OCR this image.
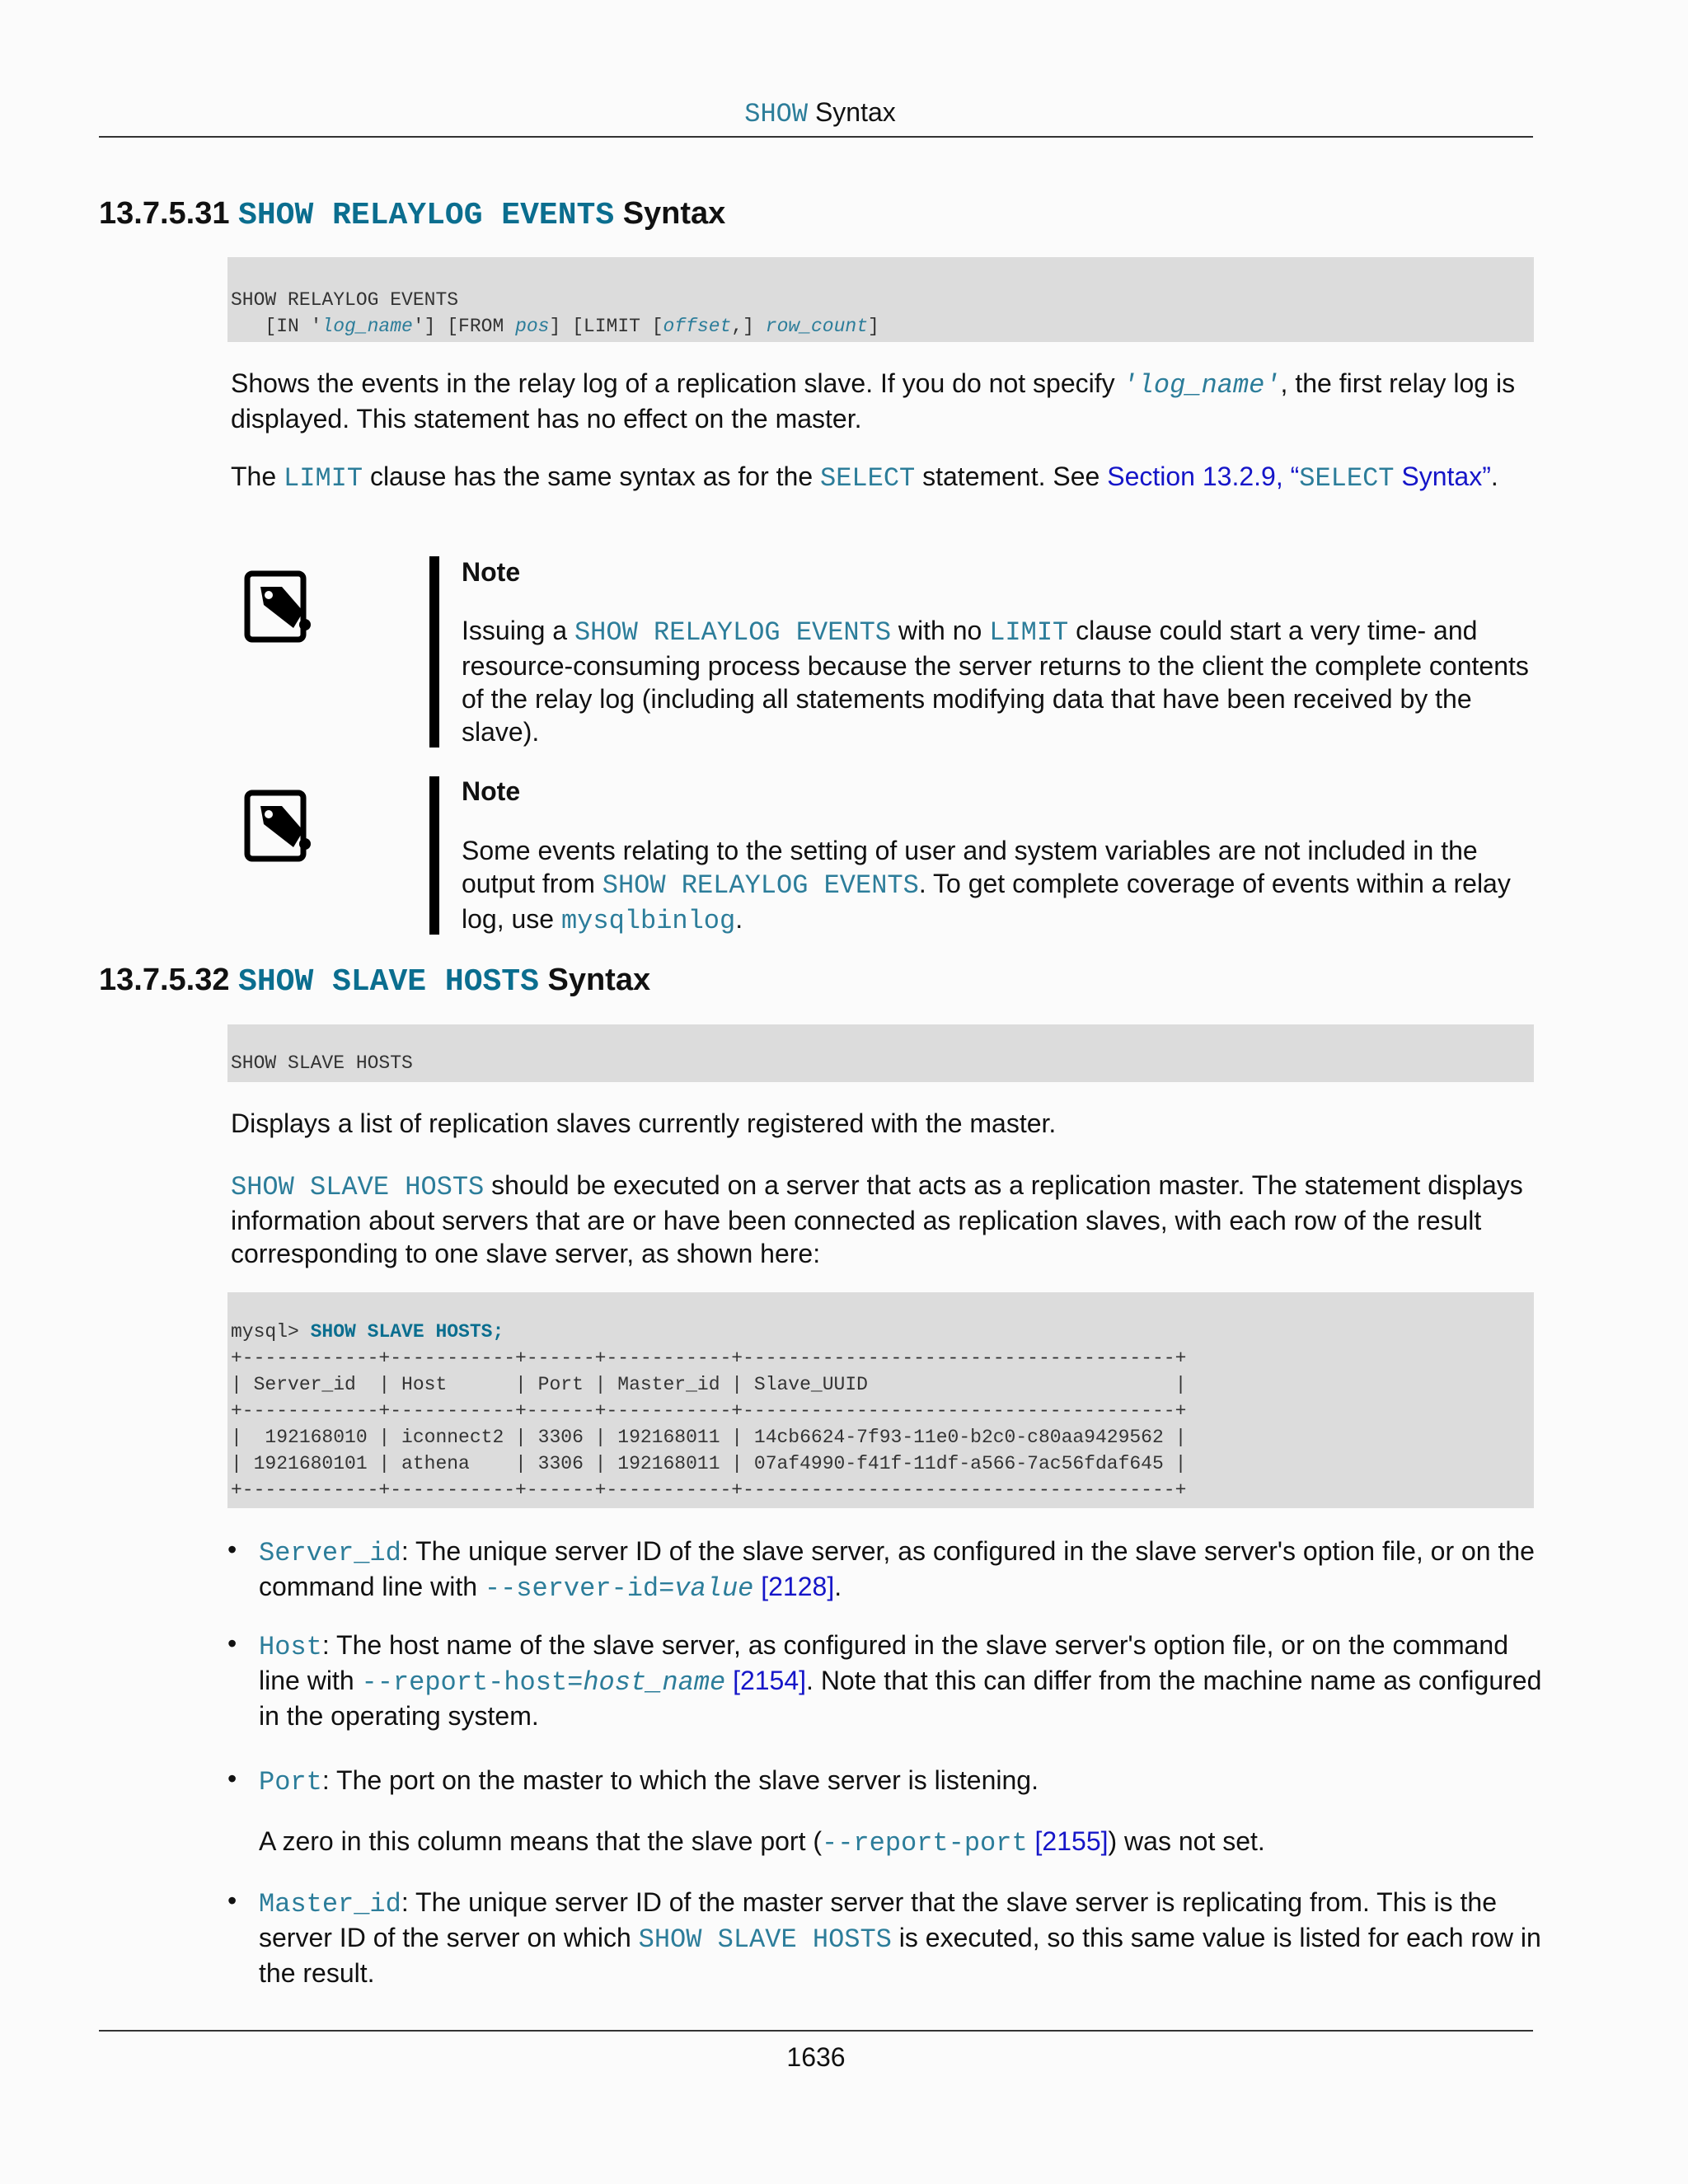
SHOW Syntax
13.7.5.31 SHOW RELAYLOG EVENTS Syntax
SHOW RELAYLOG EVENTS
[IN 'log_name'] [FROM pos] [LIMIT [offset,] row_count]

Shows the events in the relay log of a replication slave. If you do not specify 'log_name', the first relay log is displayed. This statement has no effect on the master.

The LIMIT clause has the same syntax as for the SELECT statement. See Section 13.2.9, “SELECT Syntax”.

Note

Issuing a SHOW RELAYLOG EVENTS with no LIMIT clause could start a very time- and resource-consuming process because the server returns to the client the complete contents of the relay log (including all statements modifying data that have been received by the slave).

Note

Some events relating to the setting of user and system variables are not included in the output from SHOW RELAYLOG EVENTS. To get complete coverage of events within a relay log, use mysqlbinlog.

13.7.5.32 SHOW SLAVE HOSTS Syntax
SHOW SLAVE HOSTS

Displays a list of replication slaves currently registered with the master.

SHOW SLAVE HOSTS should be executed on a server that acts as a replication master. The statement displays information about servers that are or have been connected as replication slaves, with each row of the result corresponding to one slave server, as shown here:

mysql> SHOW SLAVE HOSTS;
+------------+-----------+------+-----------+--------------------------------------+
| Server_id  | Host      | Port | Master_id | Slave_UUID                           |
+------------+-----------+------+-----------+--------------------------------------+
|  192168010 | iconnect2 | 3306 | 192168011 | 14cb6624-7f93-11e0-b2c0-c80aa9429562 |
| 1921680101 | athena    | 3306 | 192168011 | 07af4990-f41f-11df-a566-7ac56fdaf645 |
+------------+-----------+------+-----------+--------------------------------------+
• Server_id: The unique server ID of the slave server, as configured in the slave server's option file, or on the command line with --server-id=value [2128].

• Host: The host name of the slave server, as configured in the slave server's option file, or on the command line with --report-host=host_name [2154]. Note that this can differ from the machine name as configured in the operating system.

• Port: The port on the master to which the slave server is listening.

A zero in this column means that the slave port (--report-port [2155]) was not set.

• Master_id: The unique server ID of the master server that the slave server is replicating from. This is the server ID of the server on which SHOW SLAVE HOSTS is executed, so this same value is listed for each row in the result.

1636
